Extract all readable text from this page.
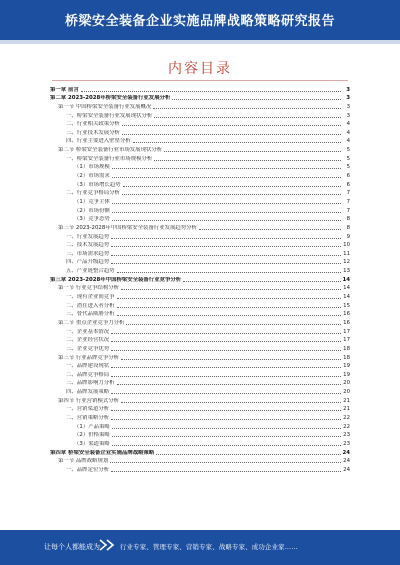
桥梁安全装备企业实施品牌战略策略研究报告
内容目录
第一章 前言	3
第二章 2023-2028年桥梁安全装备行业发展分析	3
第一节 中国桥梁安全装备行业发展概况	3
一、桥梁安全装备行业发展现状分析	3
二、行业相关政策分析	4
三、行业技术发展分析	4
四、行业主要进入壁垒分析	4
第二节 桥梁安全装备行业市场发展现状分析	5
一、桥梁安全装备行业市场规模分析	5
（1）市场规模	5
（2）市场需求	6
（3）市场增长趋势	6
二、行业竞争格局分析	7
（1）竞争主体	7
（2）市场份额	7
（3）竞争态势	8
第三节 2023-2028年中国桥梁安全装备行业发展趋势分析	8
一、行业发展趋势	9
二、技术发展趋势	10
三、市场需求趋势	11
四、产品升级趋势	12
五、产业链整合趋势	13
第三章 2023-2028年中国桥梁安全装备行业竞争分析	14
第一节 行业竞争结构分析	14
一、现有企业间竞争	14
二、潜在进入者分析	15
三、替代品威胁分析	16
第二节 重点企业竞争力分析	16
一、企业基本情况	17
二、企业经营状况	17
三、企业竞争优势	18
第三节 行业品牌竞争分析	18
一、品牌建设现状	19
二、品牌竞争格局	19
三、品牌影响力分析	20
四、品牌发展策略	20
第四节 行业营销模式分析	21
一、营销渠道分析	21
二、营销策略分析	22
（1）产品策略	22
（2）价格策略	23
（3）渠道策略	23
第四章 桥梁安全装备企业实施品牌战略策略	24
第一节 品牌战略规划	24
一、品牌定位分析	24
让每个人都能成为	行业专家、管理专家、营销专家、战略专家、成功企业家……
